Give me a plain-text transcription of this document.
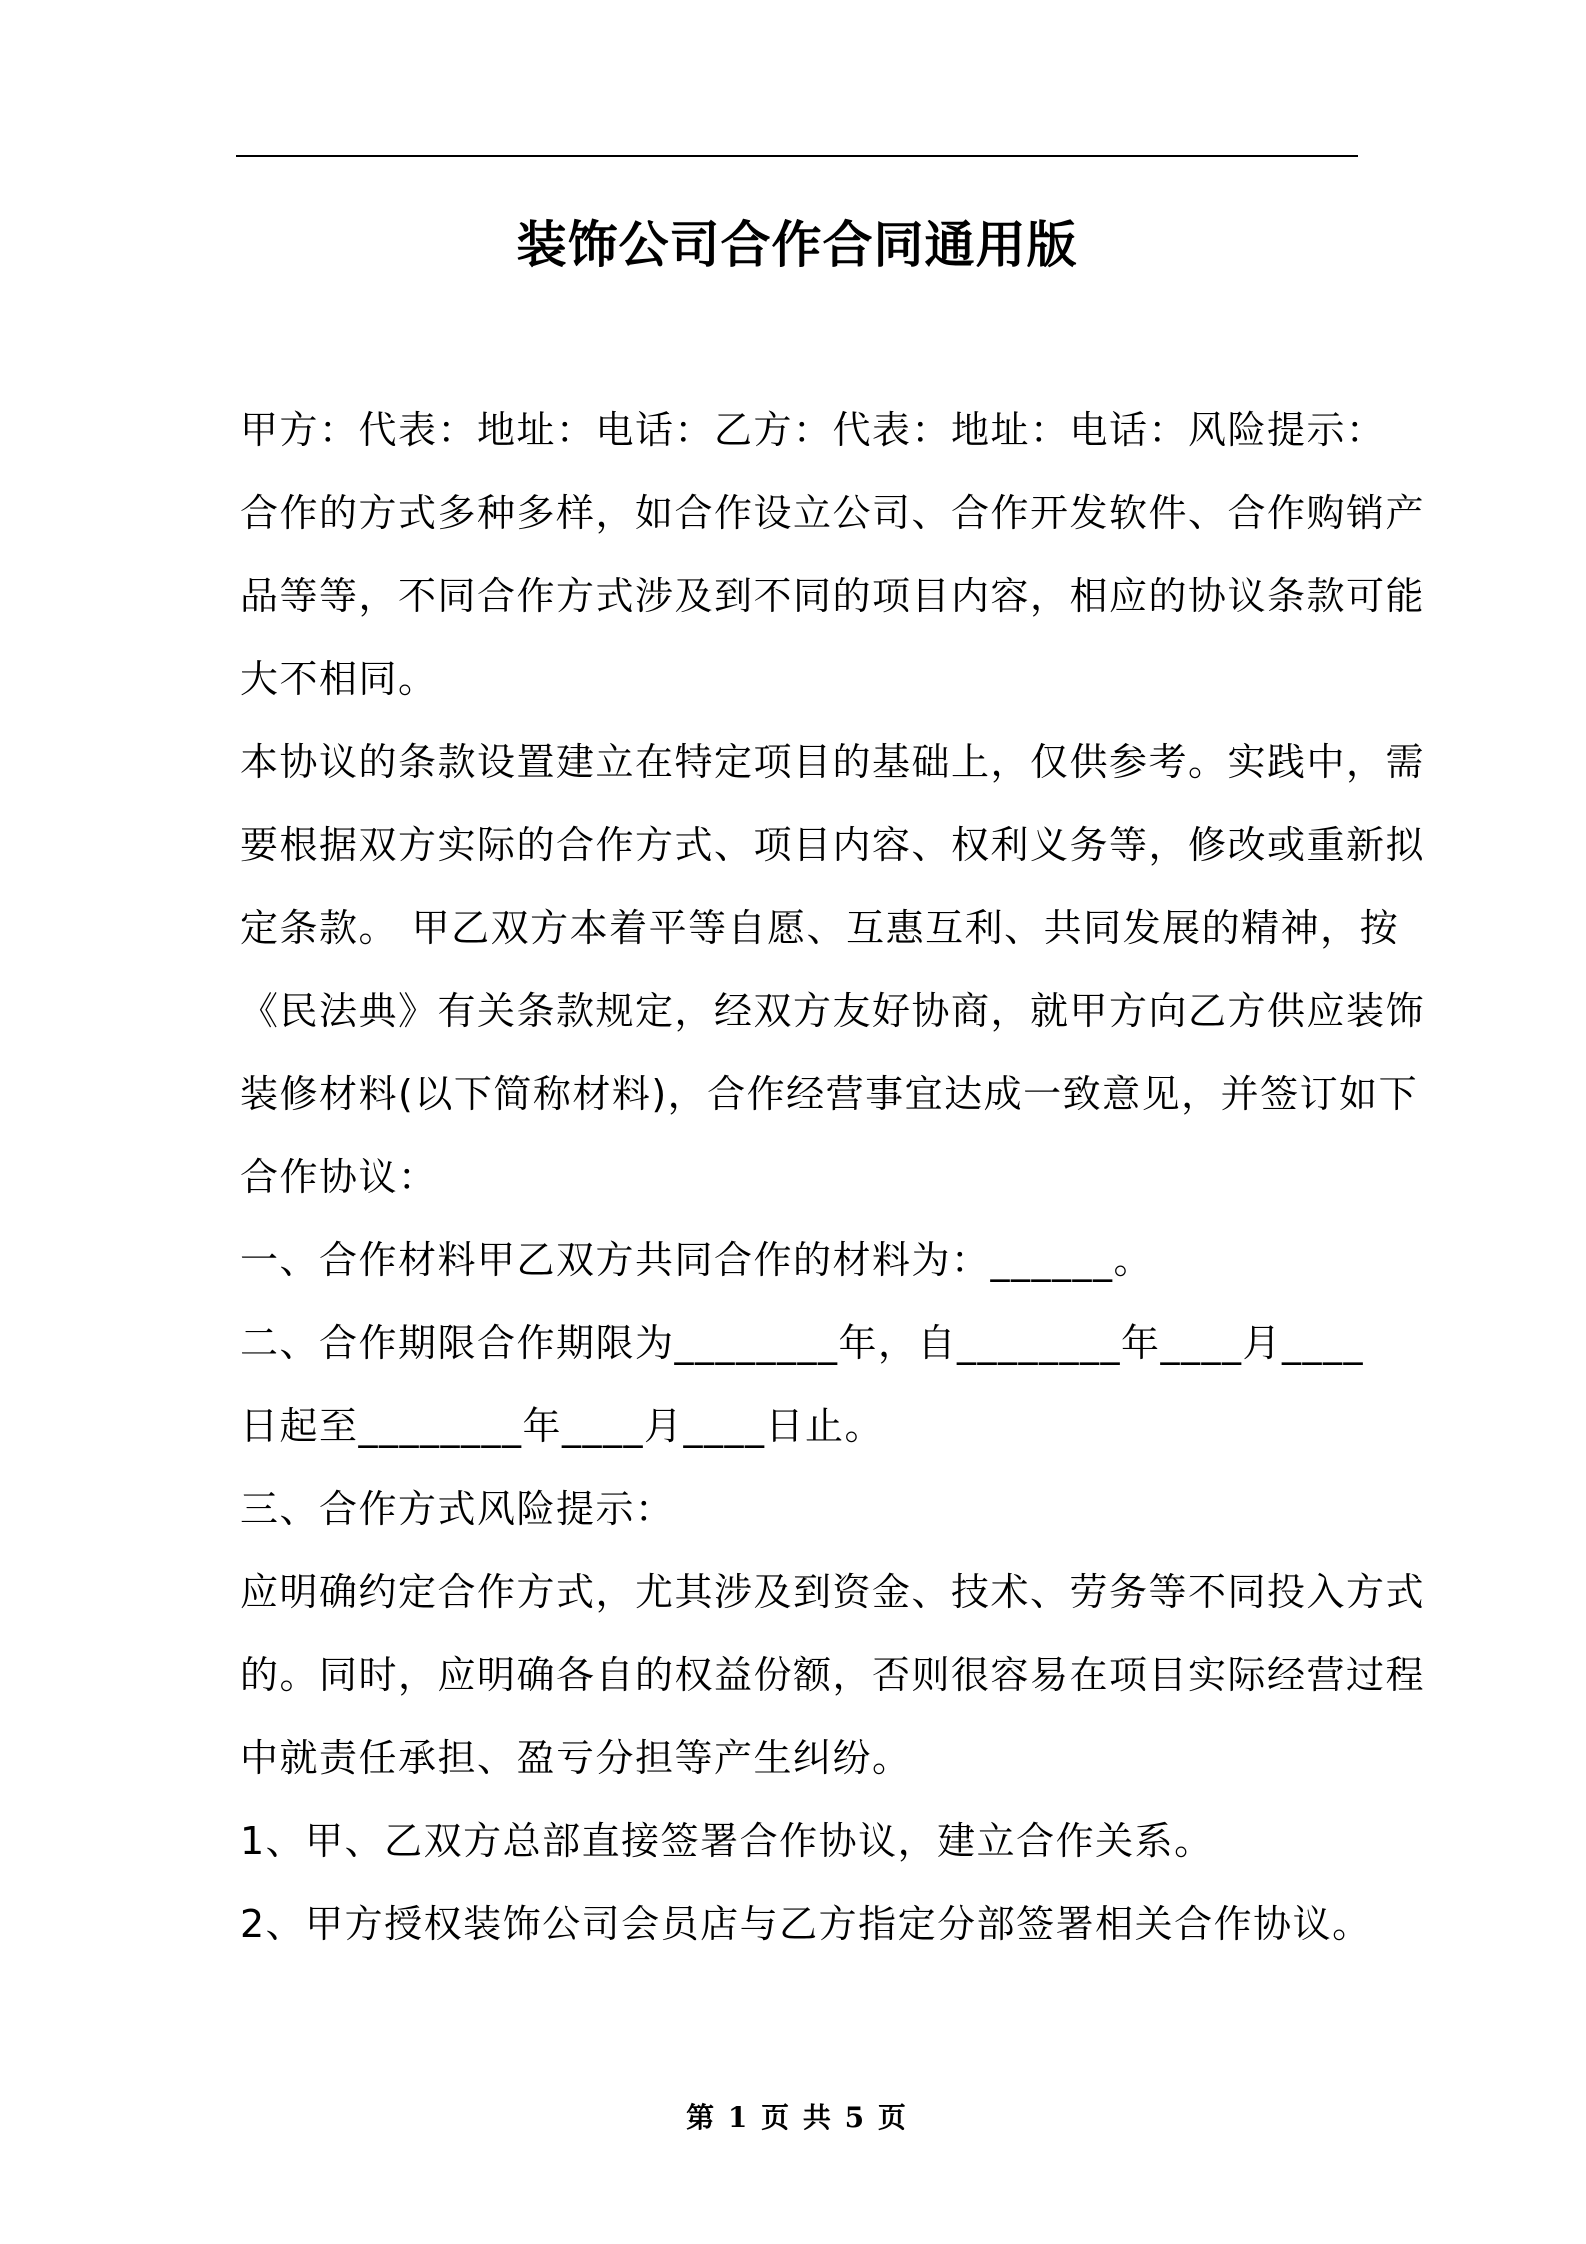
装饰公司合作合同通用版
甲方：代表：地址：电话：乙方：代表：地址：电话：风险提示：
合作的方式多种多样，如合作设立公司、合作开发软件、合作购销产
品等等，不同合作方式涉及到不同的项目内容，相应的协议条款可能
大不相同。
本协议的条款设置建立在特定项目的基础上，仅供参考。实践中，需
要根据双方实际的合作方式、项目内容、权利义务等，修改或重新拟
定条款。 甲乙双方本着平等自愿、互惠互利、共同发展的精神，按
《民法典》有关条款规定，经双方友好协商，就甲方向乙方供应装饰
装修材料(以下简称材料)，合作经营事宜达成一致意见，并签订如下
合作协议：
一、合作材料甲乙双方共同合作的材料为：______。
二、合作期限合作期限为________年，自________年____月____
日起至________年____月____日止。
三、合作方式风险提示：
应明确约定合作方式，尤其涉及到资金、技术、劳务等不同投入方式
的。同时，应明确各自的权益份额，否则很容易在项目实际经营过程
中就责任承担、盈亏分担等产生纠纷。
1、甲、乙双方总部直接签署合作协议，建立合作关系。
2、甲方授权装饰公司会员店与乙方指定分部签署相关合作协议。
第 1 页 共 5 页
